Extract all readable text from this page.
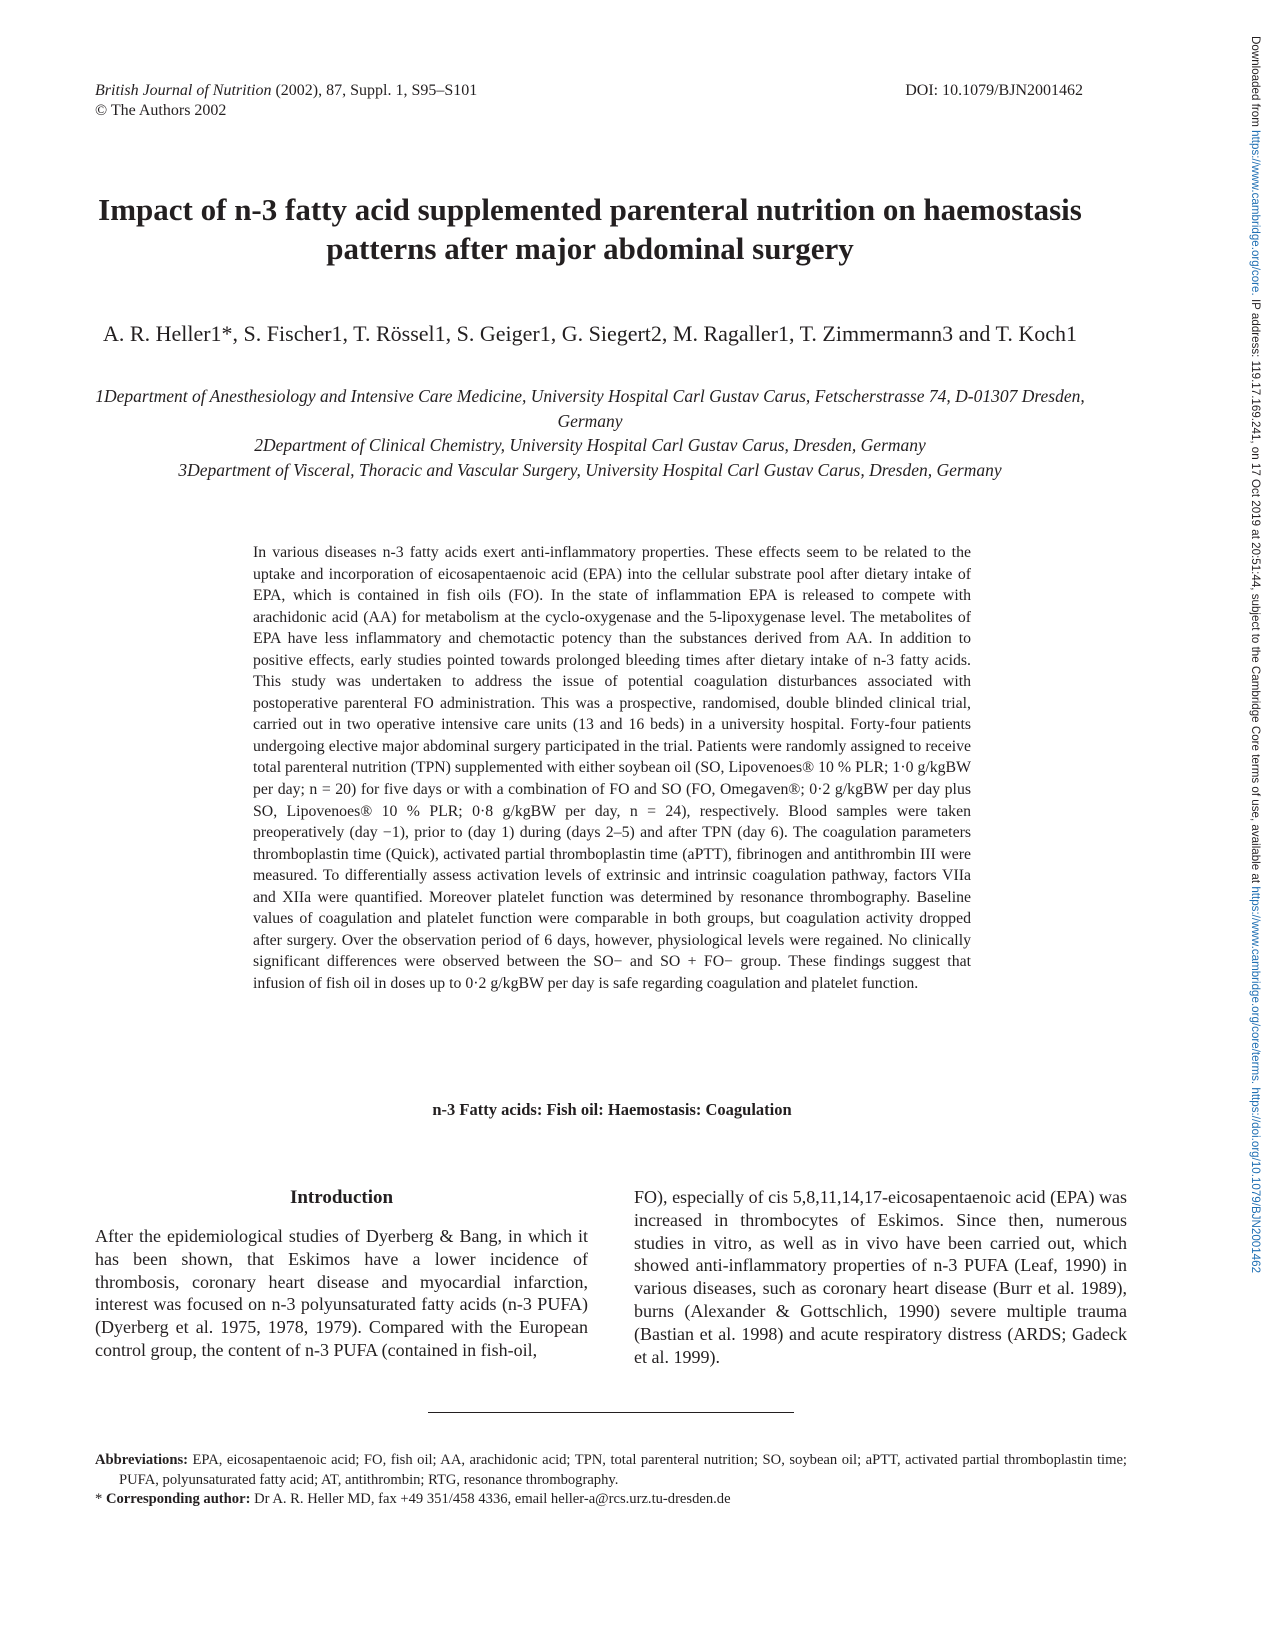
British Journal of Nutrition (2002), 87, Suppl. 1, S95–S101
© The Authors 2002
DOI: 10.1079/BJN2001462
Impact of n-3 fatty acid supplemented parenteral nutrition on haemostasis patterns after major abdominal surgery
A. R. Heller1*, S. Fischer1, T. Rössel1, S. Geiger1, G. Siegert2, M. Ragaller1, T. Zimmermann3 and T. Koch1
1Department of Anesthesiology and Intensive Care Medicine, University Hospital Carl Gustav Carus, Fetscherstrasse 74, D-01307 Dresden, Germany
2Department of Clinical Chemistry, University Hospital Carl Gustav Carus, Dresden, Germany
3Department of Visceral, Thoracic and Vascular Surgery, University Hospital Carl Gustav Carus, Dresden, Germany
In various diseases n-3 fatty acids exert anti-inflammatory properties. These effects seem to be related to the uptake and incorporation of eicosapentaenoic acid (EPA) into the cellular substrate pool after dietary intake of EPA, which is contained in fish oils (FO). In the state of inflammation EPA is released to compete with arachidonic acid (AA) for metabolism at the cyclo-oxygenase and the 5-lipoxygenase level. The metabolites of EPA have less inflammatory and chemotactic potency than the substances derived from AA. In addition to positive effects, early studies pointed towards prolonged bleeding times after dietary intake of n-3 fatty acids. This study was undertaken to address the issue of potential coagulation disturbances associated with postoperative parenteral FO administration. This was a prospective, randomised, double blinded clinical trial, carried out in two operative intensive care units (13 and 16 beds) in a university hospital. Forty-four patients undergoing elective major abdominal surgery participated in the trial. Patients were randomly assigned to receive total parenteral nutrition (TPN) supplemented with either soybean oil (SO, Lipovenoes® 10 % PLR; 1·0 g/kgBW per day; n = 20) for five days or with a combination of FO and SO (FO, Omegaven®; 0·2 g/kgBW per day plus SO, Lipovenoes® 10 % PLR; 0·8 g/kgBW per day, n = 24), respectively. Blood samples were taken preoperatively (day −1), prior to (day 1) during (days 2–5) and after TPN (day 6). The coagulation parameters thromboplastin time (Quick), activated partial thromboplastin time (aPTT), fibrinogen and antithrombin III were measured. To differentially assess activation levels of extrinsic and intrinsic coagulation pathway, factors VIIa and XIIa were quantified. Moreover platelet function was determined by resonance thrombography. Baseline values of coagulation and platelet function were comparable in both groups, but coagulation activity dropped after surgery. Over the observation period of 6 days, however, physiological levels were regained. No clinically significant differences were observed between the SO− and SO + FO− group. These findings suggest that infusion of fish oil in doses up to 0·2 g/kgBW per day is safe regarding coagulation and platelet function.
n-3 Fatty acids: Fish oil: Haemostasis: Coagulation
Introduction

After the epidemiological studies of Dyerberg & Bang, in which it has been shown, that Eskimos have a lower incidence of thrombosis, coronary heart disease and myocardial infarction, interest was focused on n-3 polyunsaturated fatty acids (n-3 PUFA) (Dyerberg et al. 1975, 1978, 1979). Compared with the European control group, the content of n-3 PUFA (contained in fish-oil,

FO), especially of cis 5,8,11,14,17-eicosapentaenoic acid (EPA) was increased in thrombocytes of Eskimos. Since then, numerous studies in vitro, as well as in vivo have been carried out, which showed anti-inflammatory properties of n-3 PUFA (Leaf, 1990) in various diseases, such as coronary heart disease (Burr et al. 1989), burns (Alexander & Gottschlich, 1990) severe multiple trauma (Bastian et al. 1998) and acute respiratory distress (ARDS; Gadeck et al. 1999).

Abbreviations: EPA, eicosapentaenoic acid; FO, fish oil; AA, arachidonic acid; TPN, total parenteral nutrition; SO, soybean oil; aPTT, activated partial thromboplastin time; PUFA, polyunsaturated fatty acid; AT, antithrombin; RTG, resonance thrombography.

* Corresponding author: Dr A. R. Heller MD, fax +49 351/458 4336, email heller-a@rcs.urz.tu-dresden.de

Downloaded from https://www.cambridge.org/core. IP address: 119.17.169.241, on 17 Oct 2019 at 20:51:44, subject to the Cambridge Core terms of use, available at https://www.cambridge.org/core/terms. https://doi.org/10.1079/BJN2001462
